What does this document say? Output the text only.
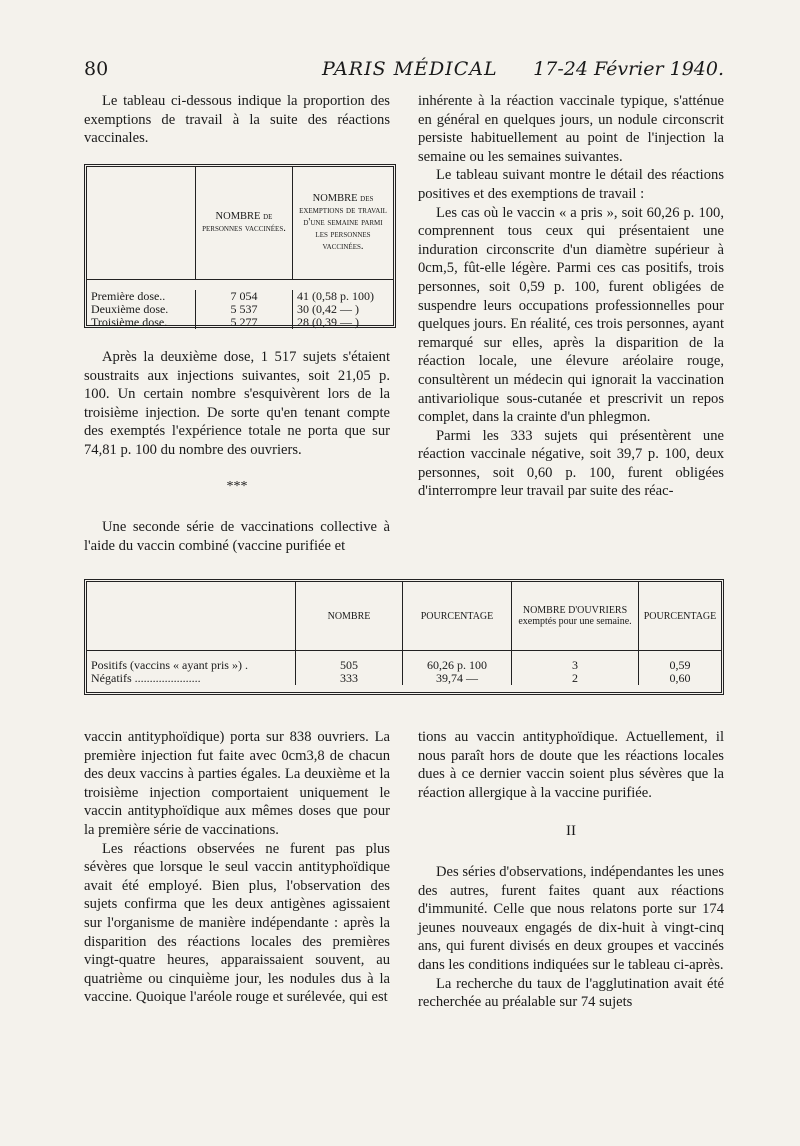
80	PARIS MÉDICAL 17-24 Février 1940.

Le tableau ci-dessous indique la proportion des exemptions de travail à la suite des réactions vaccinales.

	NOMBRE de personnes vaccinées.	NOMBRE des exemptions de travail d'une semaine parmi les personnes vaccinées.

Première dose..	7 054	41 (0,58 p. 100)
Deuxième dose.	5 537	30 (0,42 — )
Troisième dose.	5 277	28 (0,39 — )

Après la deuxième dose, 1 517 sujets s'étaient soustraits aux injections suivantes, soit 21,05 p. 100. Un certain nombre s'esquivèrent lors de la troisième injection. De sorte qu'en tenant compte des exemptés l'expérience totale ne porta que sur 74,81 p. 100 du nombre des ouvriers.

***

Une seconde série de vaccinations collective à l'aide du vaccin combiné (vaccine purifiée et

inhérente à la réaction vaccinale typique, s'atténue en général en quelques jours, un nodule circonscrit persiste habituellement au point de l'injection la semaine ou les semaines suivantes.

Le tableau suivant montre le détail des réactions positives et des exemptions de travail :

Les cas où le vaccin « a pris », soit 60,26 p. 100, comprennent tous ceux qui présentaient une induration circonscrite d'un diamètre supérieur à 0cm,5, fût-elle légère. Parmi ces cas positifs, trois personnes, soit 0,59 p. 100, furent obligées de suspendre leurs occupations professionnelles pour quelques jours. En réalité, ces trois personnes, ayant remarqué sur elles, après la disparition de la réaction locale, une élevure aréolaire rouge, consultèrent un médecin qui ignorait la vaccination antivariolique sous-cutanée et prescrivit un repos complet, dans la crainte d'un phlegmon.

Parmi les 333 sujets qui présentèrent une réaction vaccinale négative, soit 39,7 p. 100, deux personnes, soit 0,60 p. 100, furent obligées d'interrompre leur travail par suite des réac-

	NOMBRE	POURCENTAGE	NOMBRE D'OUVRIERS exemptés pour une semaine.	POURCENTAGE

Positifs (vaccins « ayant pris ») .	505	60,26 p. 100	3	0,59
Négatifs ......................	333	39,74 —	2	0,60

vaccin antityphoïdique) porta sur 838 ouvriers. La première injection fut faite avec 0cm3,8 de chacun des deux vaccins à parties égales. La deuxième et la troisième injection comportaient uniquement le vaccin antityphoïdique aux mêmes doses que pour la première série de vaccinations.

Les réactions observées ne furent pas plus sévères que lorsque le seul vaccin antityphoïdique avait été employé. Bien plus, l'observation des sujets confirma que les deux antigènes agissaient sur l'organisme de manière indépendante : après la disparition des réactions locales des premières vingt-quatre heures, apparaissaient souvent, au quatrième ou cinquième jour, les nodules dus à la vaccine. Quoique l'aréole rouge et surélevée, qui est

tions au vaccin antityphoïdique. Actuellement, il nous paraît hors de doute que les réactions locales dues à ce dernier vaccin soient plus sévères que la réaction allergique à la vaccine purifiée.

II

Des séries d'observations, indépendantes les unes des autres, furent faites quant aux réactions d'immunité. Celle que nous relatons porte sur 174 jeunes nouveaux engagés de dix-huit à vingt-cinq ans, qui furent divisés en deux groupes et vaccinés dans les conditions indiquées sur le tableau ci-après.

La recherche du taux de l'agglutination avait été recherchée au préalable sur 74 sujets
